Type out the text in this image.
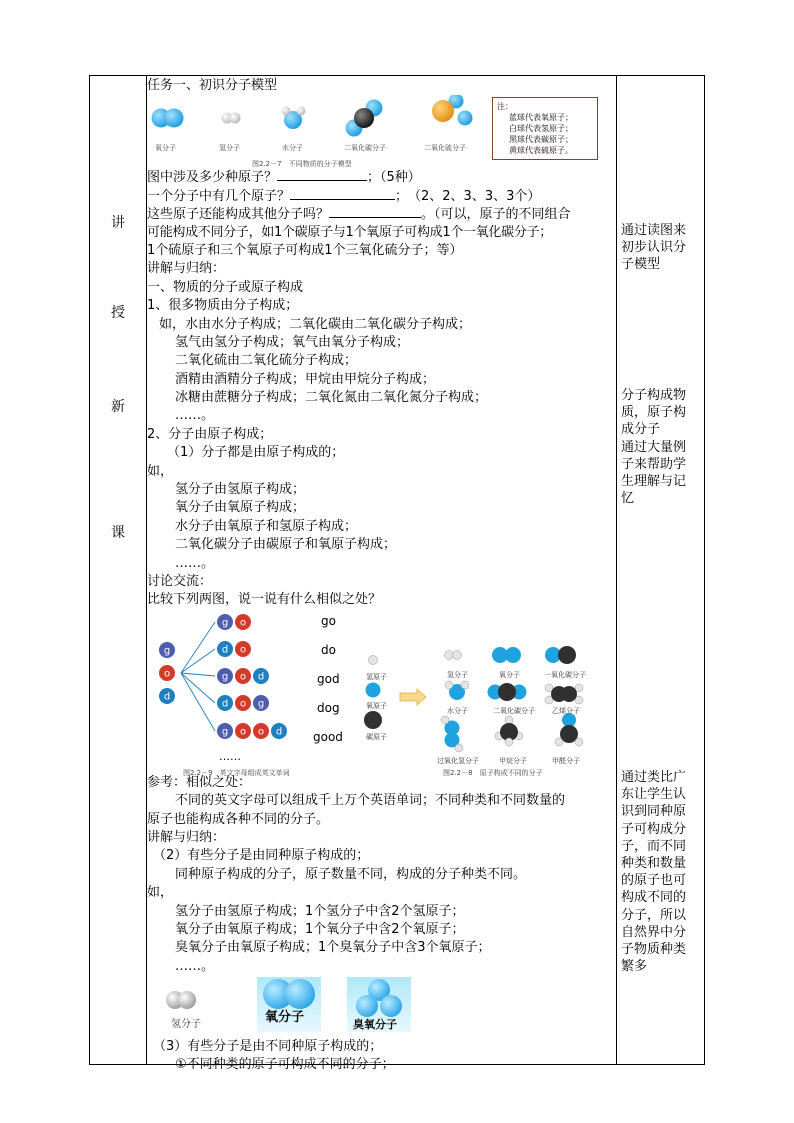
讲
授
新
课
任务一、初识分子模型
氧分子	氢分子	水分子	二氧化碳分子	二氧化硫分子
图2.2－7　不同物质的分子模型
注：
蓝球代表氧原子；
白球代表氢原子；
黑球代表碳原子；
黄球代表硫原子。
图中涉及多少种原子？	；（5种）
一个分子中有几个原子？	；　（2、2、3、3、3个）
这些原子还能构成其他分子吗？	。（可以，原子的不同组合
可能构成不同分子，如1个碳原子与1个氧原子可构成1个一氧化碳分子；
1个硫原子和三个氧原子可构成1个三氧化硫分子；等）
讲解与归纳：
一、物质的分子或原子构成
1、很多物质由分子构成；
如，水由水分子构成；二氧化碳由二氧化碳分子构成；
氢气由氢分子构成；氧气由氧分子构成；
二氧化硫由二氧化硫分子构成；
酒精由酒精分子构成；甲烷由甲烷分子构成；
冰糖由蔗糖分子构成；二氧化氮由二氧化氮分子构成；
……。
2、分子由原子构成；
（1）分子都是由原子构成的；
如，
氢分子由氢原子构成；
氧分子由氧原子构成；
水分子由氧原子和氢原子构成；
二氧化碳分子由碳原子和氧原子构成；
……。
讨论交流：
比较下列两图，说一说有什么相似之处？
g
o
d
g o
d o
g o d
d o g
g o o d
go
do
god
dog
good
……
图2.2－9　英文字母组成英文单词
氢原子
氧原子
碳原子
氢分子	氧分子	一氧化碳分子
水分子	二氧化碳分子 乙烯分子
过氧化氢分子	甲烷分子	甲醛分子
图2.2－8　原子构成不同的分子
参考：相似之处：
不同的英文字母可以组成千上万个英语单词；不同种类和不同数量的
原子也能构成各种不同的分子。
讲解与归纳：
（2）有些分子是由同种原子构成的；
同种原子构成的分子，原子数量不同，构成的分子种类不同。
如，
氢分子由氢原子构成；1个氢分子中含2个氢原子；
氧分子由氧原子构成；1个氧分子中含2个氧原子；
臭氧分子由氧原子构成；1个臭氧分子中含3个氧原子；
……。
氢分子	氧分子	臭氧分子
（3）有些分子是由不同种原子构成的；
①不同种类的原子可构成不同的分子；
通过读图来
初步认识分
子模型
分子构成物
质，原子构
成分子
通过大量例
子来帮助学
生理解与记
忆
通过类比广
东让学生认
识到同种原
子可构成分
子，而不同
种类和数量
的原子也可
构成不同的
分子，所以
自然界中分
子物质种类
繁多
